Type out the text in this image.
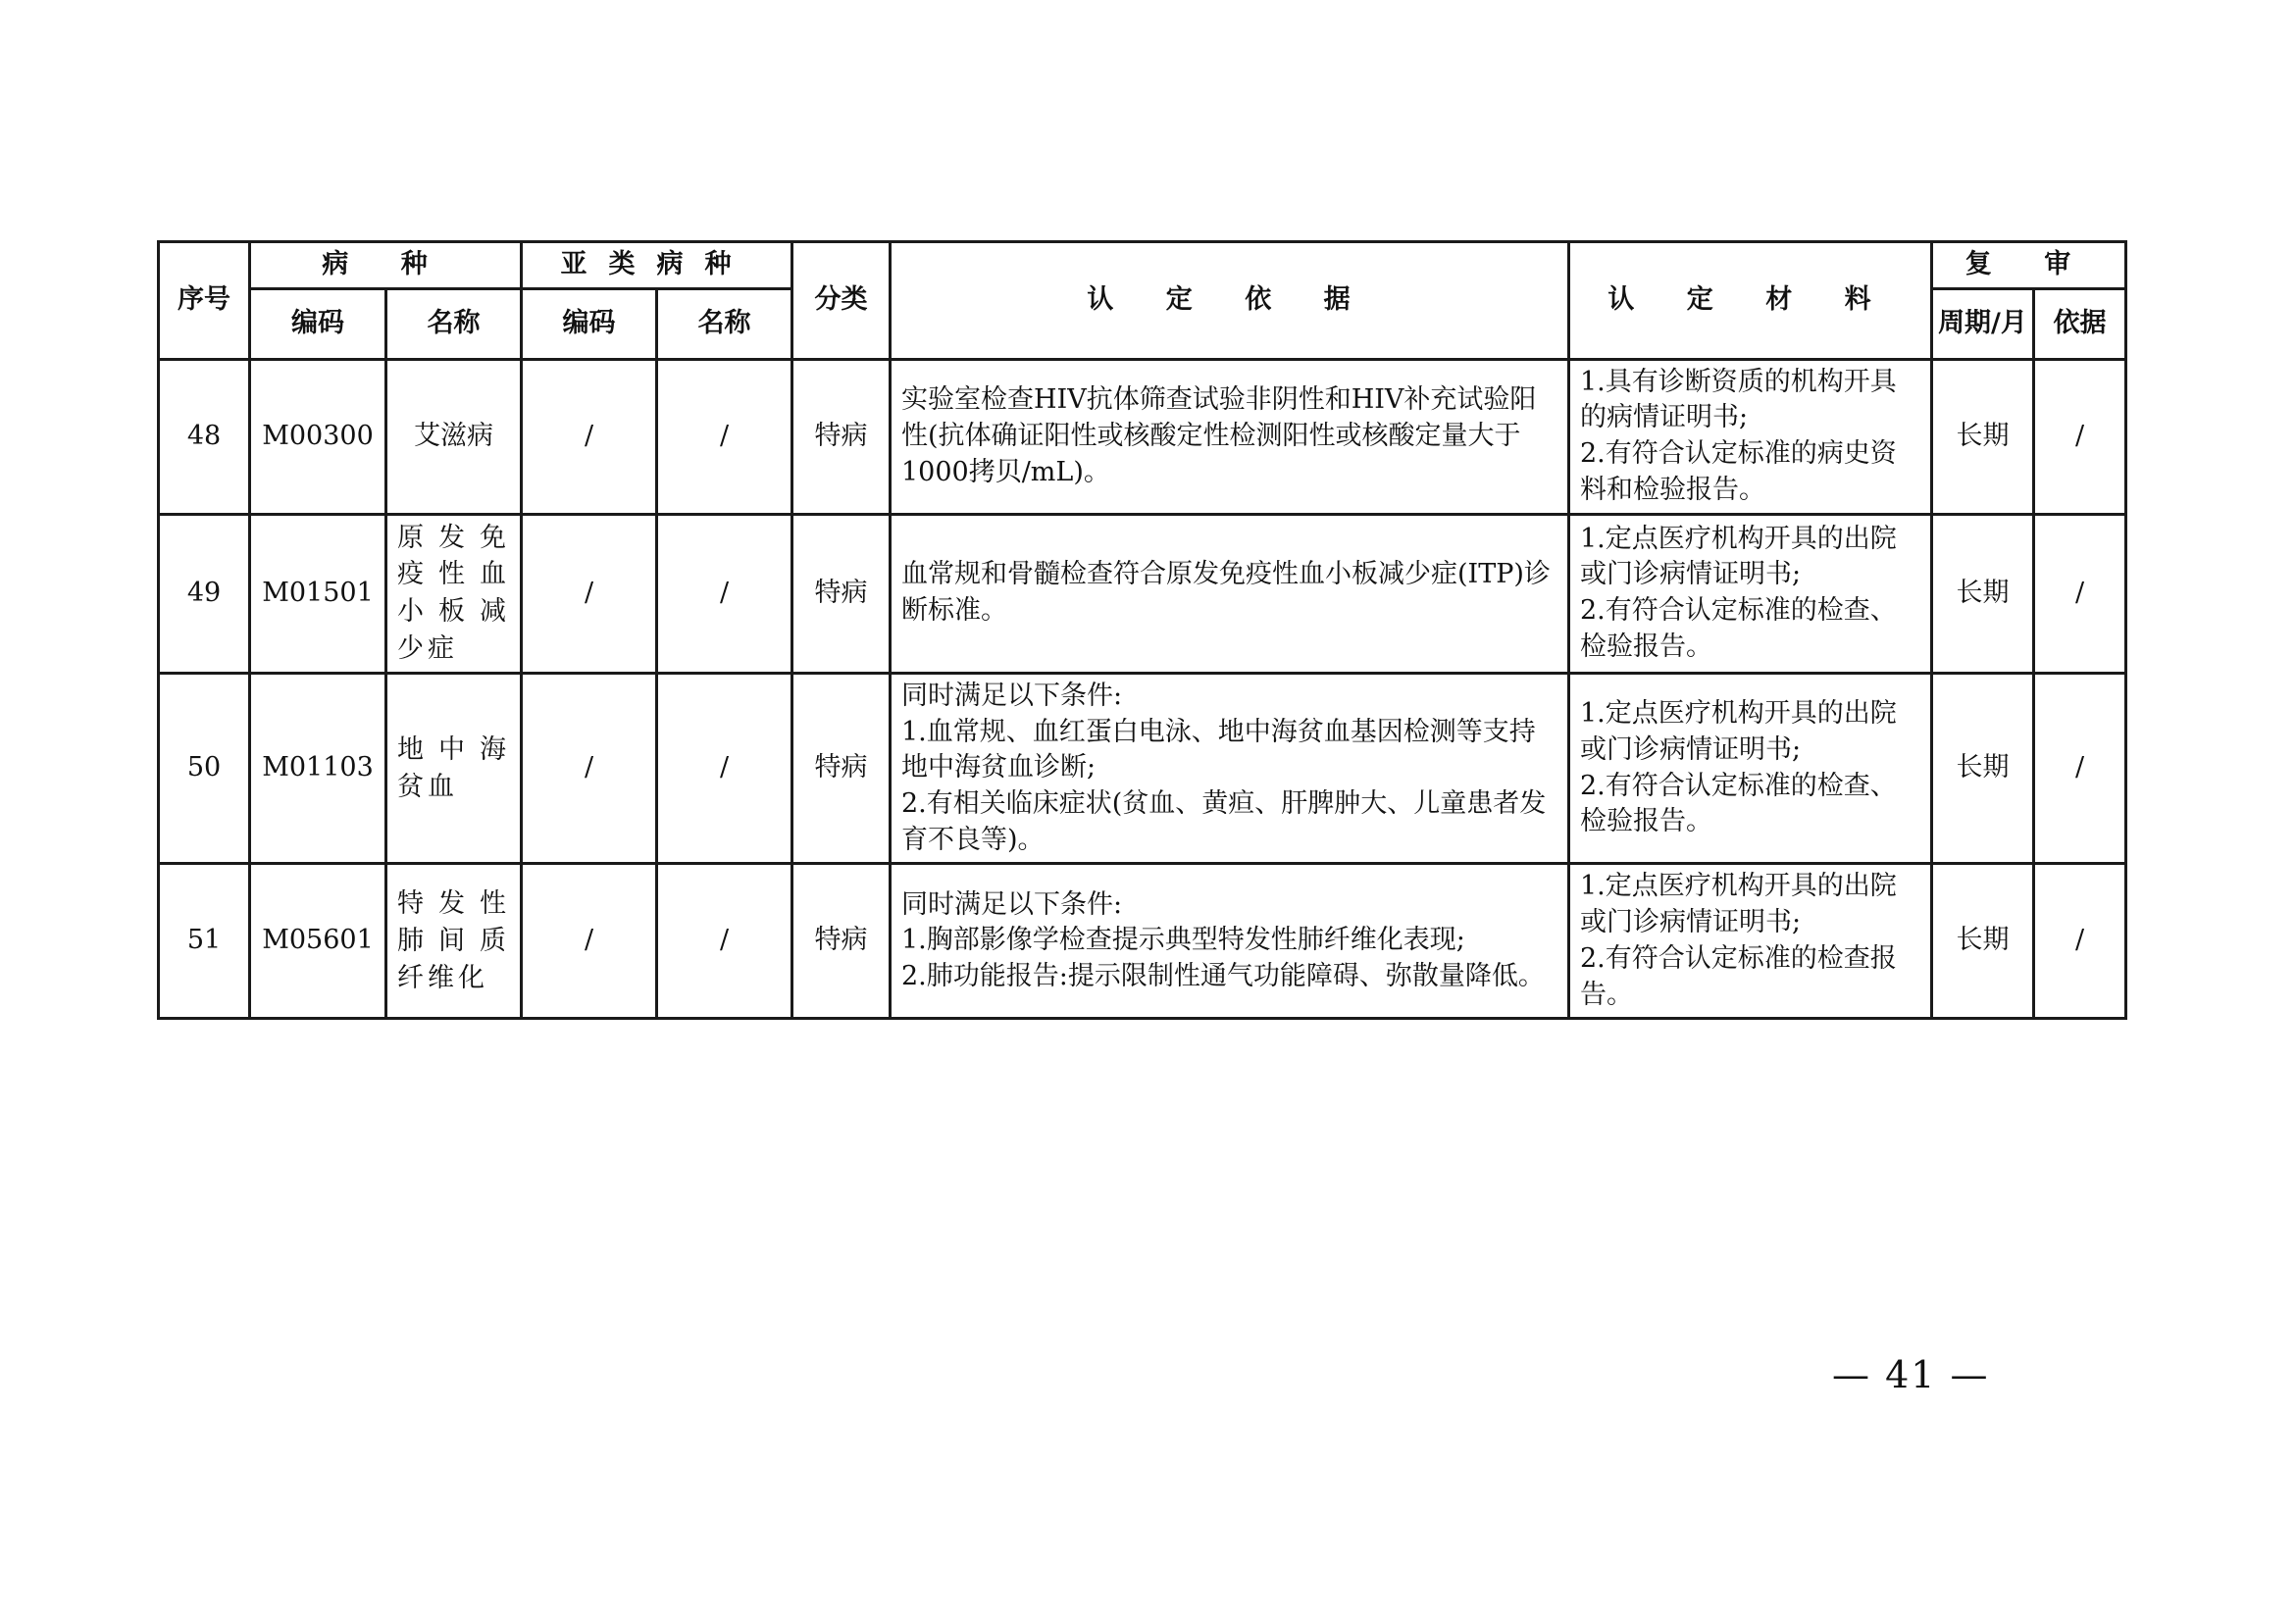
序号	病 种		亚类病种		分类	认 定 依 据	认 定 材 料	复 审	
	编码	名称	编码	名称				周期/月	依据
48	M00300	艾滋病	/	/	特病	实验室检查HIV抗体筛查试验非阴性和HIV补充试验阳性(抗体确证阳性或核酸定性检测阳性或核酸定量大于1000拷贝/mL)。	1.具有诊断资质的机构开具的病情证明书;
2.有符合认定标准的病史资料和检验报告。	长期	/
49	M01501	原发免疫性血小板减少症	/	/	特病	血常规和骨髓检查符合原发免疫性血小板减少症(ITP)诊断标准。	1.定点医疗机构开具的出院或门诊病情证明书;
2.有符合认定标准的检查、检验报告。	长期	/
50	M01103	地中海贫血	/	/	特病	同时满足以下条件:
1.血常规、血红蛋白电泳、地中海贫血基因检测等支持地中海贫血诊断;
2.有相关临床症状(贫血、黄疸、肝脾肿大、儿童患者发育不良等)。	1.定点医疗机构开具的出院或门诊病情证明书;
2.有符合认定标准的检查、检验报告。	长期	/
51	M05601	特发性肺间质纤维化	/	/	特病	同时满足以下条件:
1.胸部影像学检查提示典型特发性肺纤维化表现;
2.肺功能报告:提示限制性通气功能障碍、弥散量降低。	1.定点医疗机构开具的出院或门诊病情证明书;
2.有符合认定标准的检查报告。	长期	/
— 41 —
